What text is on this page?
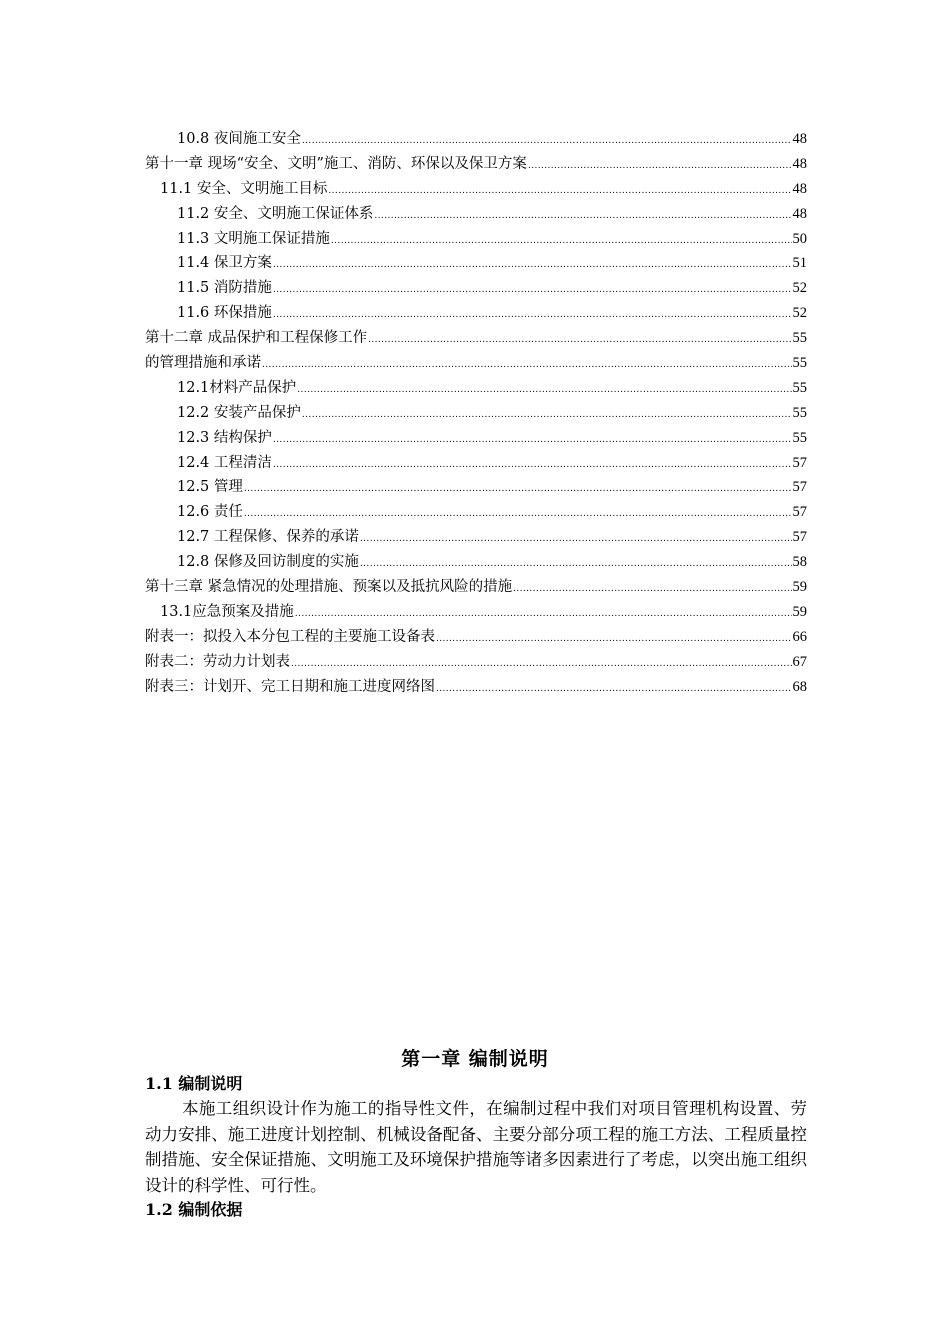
10.8 夜间施工安全 .....	48
第十一章 现场“安全、文明”施工、消防、环保以及保卫方案 .....	48
11.1 安全、文明施工目标 .....	48
11.2 安全、文明施工保证体系 .....	48
11.3 文明施工保证措施 .....	50
11.4 保卫方案 .....	51
11.5 消防措施 .....	52
11.6 环保措施 .....	52
第十二章 成品保护和工程保修工作 .....	55
的管理措施和承诺 .....	55
12.1材料产品保护 .....	55
12.2 安装产品保护 .....	55
12.3 结构保护 .....	55
12.4 工程清洁 .....	57
12.5 管理 .....	57
12.6 责任 .....	57
12.7 工程保修、保养的承诺 .....	57
12.8 保修及回访制度的实施 .....	58
第十三章 紧急情况的处理措施、预案以及抵抗风险的措施 .....	59
13.1应急预案及措施 .....	59
附表一：拟投入本分包工程的主要施工设备表 .....	66
附表二：劳动力计划表 .....	67
附表三：计划开、完工日期和施工进度网络图 .....	68
第一章 编制说明
1.1 编制说明
本施工组织设计作为施工的指导性文件，在编制过程中我们对项目管理机构设置、劳动力安排、施工进度计划控制、机械设备配备、主要分部分项工程的施工方法、工程质量控制措施、安全保证措施、文明施工及环境保护措施等诸多因素进行了考虑，以突出施工组织设计的科学性、可行性。
1.2 编制依据
